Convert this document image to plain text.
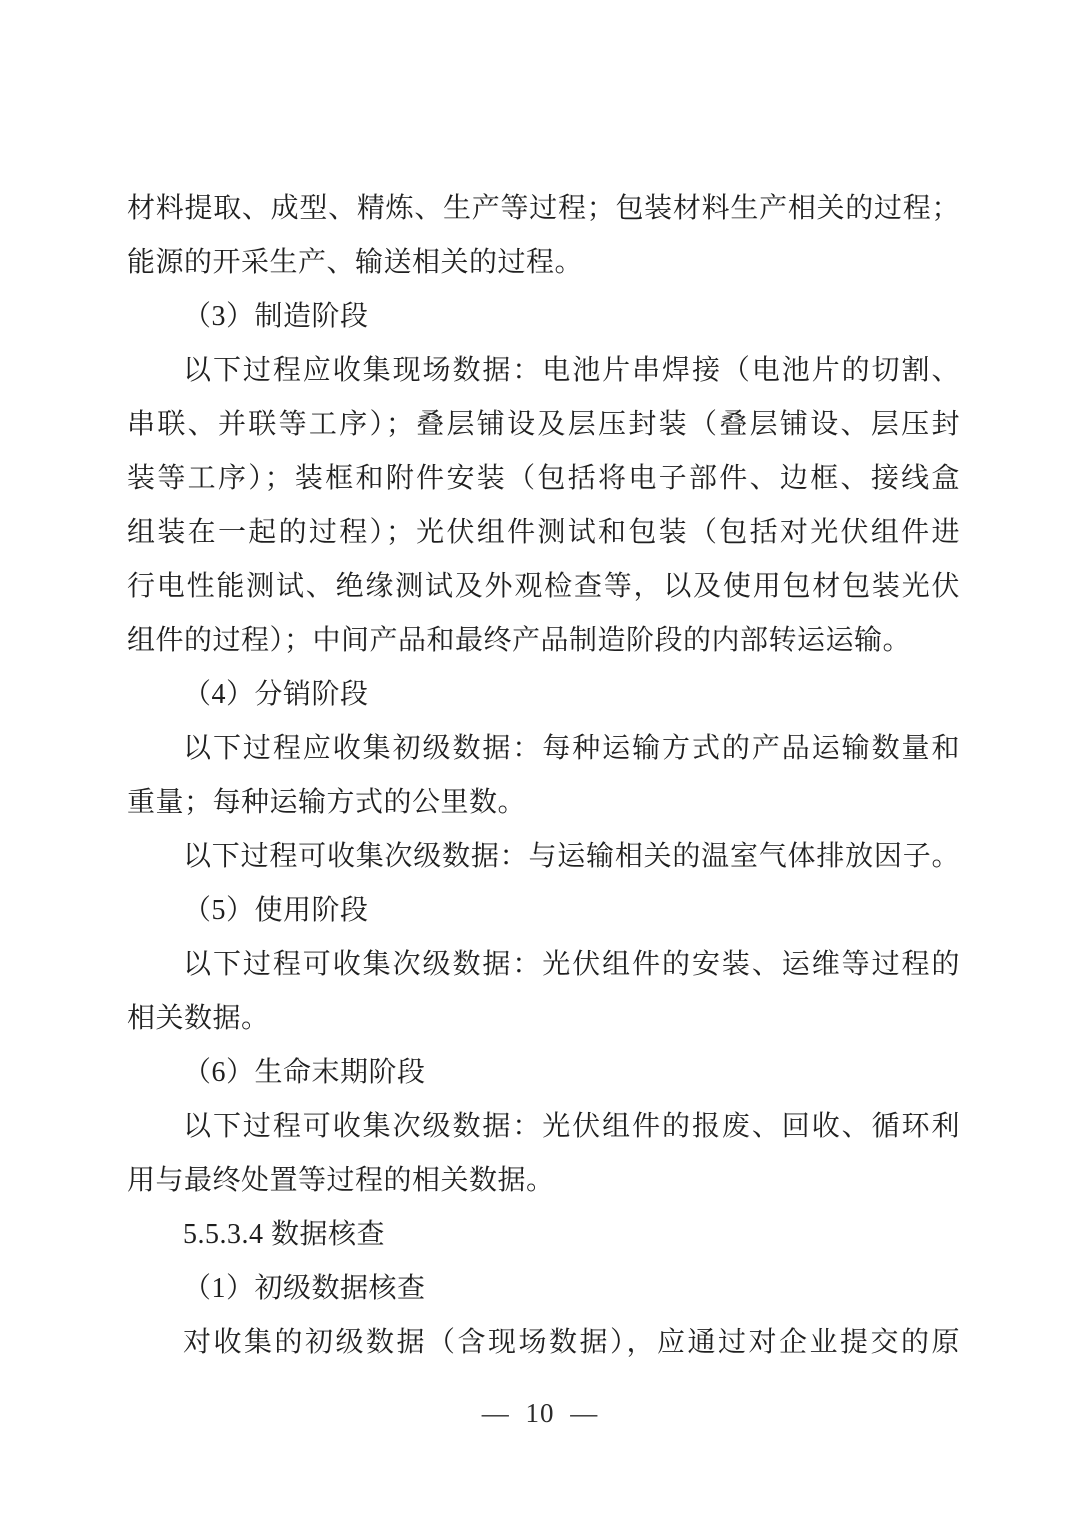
材料提取、成型、精炼、生产等过程；包装材料生产相关的过程；
能源的开采生产、输送相关的过程。
（3）制造阶段
以下过程应收集现场数据：电池片串焊接（电池片的切割、
串联、并联等工序）；叠层铺设及层压封装（叠层铺设、层压封
装等工序）；装框和附件安装（包括将电子部件、边框、接线盒
组装在一起的过程）；光伏组件测试和包装（包括对光伏组件进
行电性能测试、绝缘测试及外观检查等，以及使用包材包装光伏
组件的过程）；中间产品和最终产品制造阶段的内部转运运输。
（4）分销阶段
以下过程应收集初级数据：每种运输方式的产品运输数量和
重量；每种运输方式的公里数。
以下过程可收集次级数据：与运输相关的温室气体排放因子。
（5）使用阶段
以下过程可收集次级数据：光伏组件的安装、运维等过程的
相关数据。
（6）生命末期阶段
以下过程可收集次级数据：光伏组件的报废、回收、循环利
用与最终处置等过程的相关数据。
5.5.3.4 数据核查
（1）初级数据核查
对收集的初级数据（含现场数据），应通过对企业提交的原
— 10 —
